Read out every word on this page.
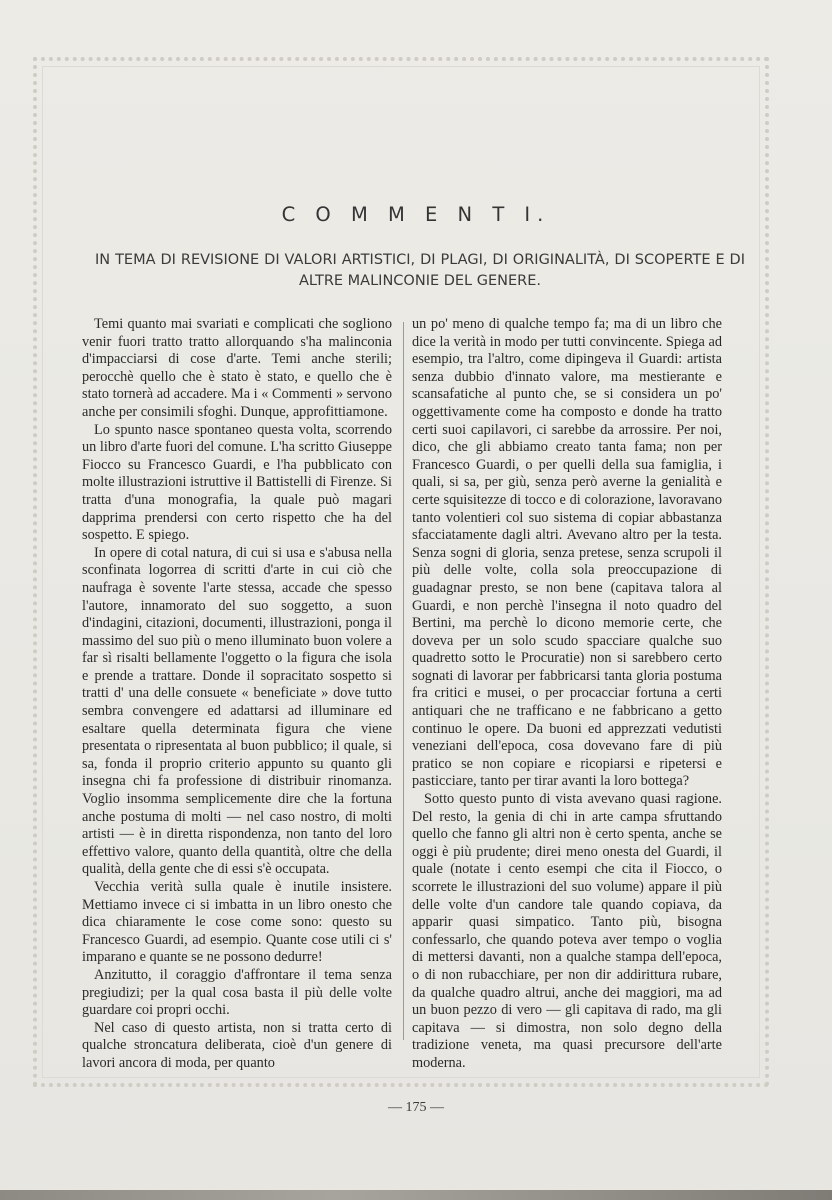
C O M M E N T I.
IN TEMA DI REVISIONE DI VALORI ARTISTICI, DI PLAGI, DI ORIGINALITÀ, DI SCOPERTE E DI ALTRE MALINCONIE DEL GENERE.

Temi quanto mai svariati e complicati che sogliono venir fuori tratto tratto allorquando s'ha malinconia d'impacciarsi di cose d'arte. Temi anche sterili; perocchè quello che è stato è stato, e quello che è stato tornerà ad accadere. Ma i « Commenti » servono anche per consimili sfoghi. Dunque, approfittiamone.

Lo spunto nasce spontaneo questa volta, scorrendo un libro d'arte fuori del comune. L'ha scritto Giuseppe Fiocco su Francesco Guardi, e l'ha pubblicato con molte illustrazioni istruttive il Battistelli di Firenze. Si tratta d'una monografia, la quale può magari dapprima prendersi con certo rispetto che ha del sospetto. E spiego.

In opere di cotal natura, di cui si usa e s'abusa nella sconfinata logorrea di scritti d'arte in cui ciò che naufraga è sovente l'arte stessa, accade che spesso l'autore, innamorato del suo soggetto, a suon d'indagini, citazioni, documenti, illustrazioni, ponga il massimo del suo più o meno illuminato buon volere a far sì risalti bellamente l'oggetto o la figura che isola e prende a trattare. Donde il sopracitato sospetto si tratti d' una delle consuete « beneficiate » dove tutto sembra convengere ed adattarsi ad illuminare ed esaltare quella determinata figura che viene presentata o ripresentata al buon pubblico; il quale, si sa, fonda il proprio criterio appunto su quanto gli insegna chi fa professione di distribuir rinomanza. Voglio insomma semplicemente dire che la fortuna anche postuma di molti — nel caso nostro, di molti artisti — è in diretta rispondenza, non tanto del loro effettivo valore, quanto della quantità, oltre che della qualità, della gente che di essi s'è occupata.

Vecchia verità sulla quale è inutile insistere. Mettiamo invece ci si imbatta in un libro onesto che dica chiaramente le cose come sono: questo su Francesco Guardi, ad esempio. Quante cose utili ci s' imparano e quante se ne possono dedurre!

Anzitutto, il coraggio d'affrontare il tema senza pregiudizi; per la qual cosa basta il più delle volte guardare coi propri occhi.

Nel caso di questo artista, non si tratta certo di qualche stroncatura deliberata, cioè d'un genere di lavori ancora di moda, per quanto

un po' meno di qualche tempo fa; ma di un libro che dice la verità in modo per tutti convincente. Spiega ad esempio, tra l'altro, come dipingeva il Guardi: artista senza dubbio d'innato valore, ma mestierante e scansafatiche al punto che, se si considera un po' oggettivamente come ha composto e donde ha tratto certi suoi capilavori, ci sarebbe da arrossire. Per noi, dico, che gli abbiamo creato tanta fama; non per Francesco Guardi, o per quelli della sua famiglia, i quali, si sa, per giù, senza però averne la genialità e certe squisitezze di tocco e di colorazione, lavoravano tanto volentieri col suo sistema di copiar abbastanza sfacciatamente dagli altri. Avevano altro per la testa. Senza sogni di gloria, senza pretese, senza scrupoli il più delle volte, colla sola preoccupazione di guadagnar presto, se non bene (capitava talora al Guardi, e non perchè l'insegna il noto quadro del Bertini, ma perchè lo dicono memorie certe, che doveva per un solo scudo spacciare qualche suo quadretto sotto le Procuratie) non si sarebbero certo sognati di lavorar per fabbricarsi tanta gloria postuma fra critici e musei, o per procacciar fortuna a certi antiquari che ne trafficano e ne fabbricano a getto continuo le opere. Da buoni ed apprezzati vedutisti veneziani dell'epoca, cosa dovevano fare di più pratico se non copiare e ricopiarsi e ripetersi e pasticciare, tanto per tirar avanti la loro bottega?

Sotto questo punto di vista avevano quasi ragione. Del resto, la genia di chi in arte campa sfruttando quello che fanno gli altri non è certo spenta, anche se oggi è più prudente; direi meno onesta del Guardi, il quale (notate i cento esempi che cita il Fiocco, o scorrete le illustrazioni del suo volume) appare il più delle volte d'un candore tale quando copiava, da apparir quasi simpatico. Tanto più, bisogna confessarlo, che quando poteva aver tempo o voglia di mettersi davanti, non a qualche stampa dell'epoca, o di non rubacchiare, per non dir addirittura rubare, da qualche quadro altrui, anche dei maggiori, ma ad un buon pezzo di vero — gli capitava di rado, ma gli capitava — si dimostra, non solo degno della tradizione veneta, ma quasi precursore dell'arte moderna.

— 175 —
